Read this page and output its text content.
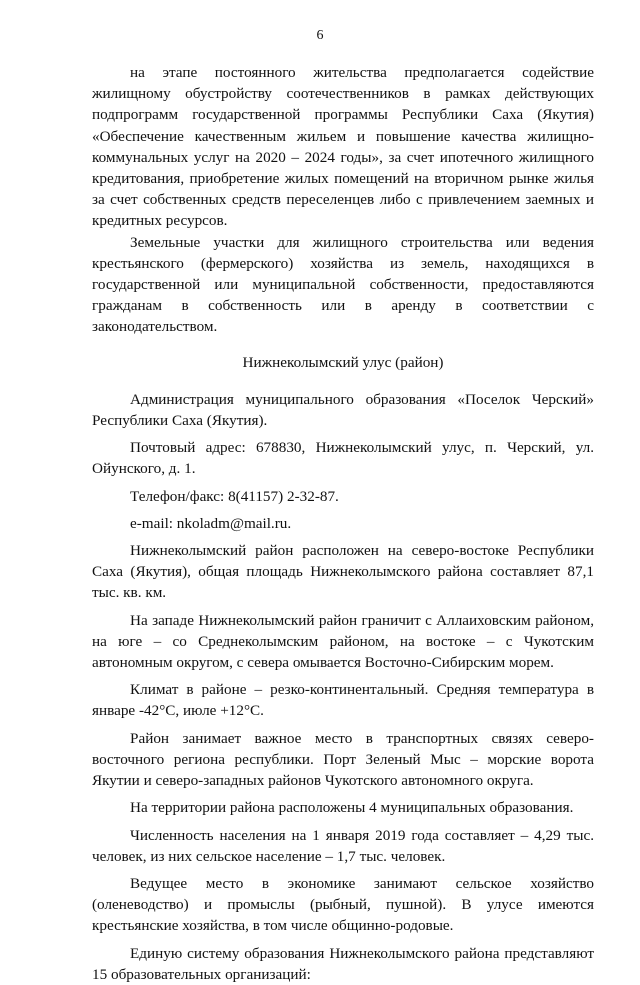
6

на этапе постоянного жительства предполагается содействие жилищному обустройству соотечественников в рамках действующих подпрограмм государственной программы Республики Саха (Якутия) «Обеспечение качественным жильем и повышение качества жилищно-коммунальных услуг на 2020 – 2024 годы», за счет ипотечного жилищного кредитования, приобретение жилых помещений на вторичном рынке жилья за счет собственных средств переселенцев либо с привлечением заемных и кредитных ресурсов.

Земельные участки для жилищного строительства или ведения крестьянского (фермерского) хозяйства из земель, находящихся в государственной или муниципальной собственности, предоставляются гражданам в собственность или в аренду в соответствии с законодательством.

Нижнеколымский улус (район)

Администрация муниципального образования «Поселок Черский» Республики Саха (Якутия).

Почтовый адрес: 678830, Нижнеколымский улус, п. Черский, ул. Ойунского, д. 1.

Телефон/факс: 8(41157) 2-32-87.

e-mail: nkoladm@mail.ru.

Нижнеколымский район расположен на северо-востоке Республики Саха (Якутия), общая площадь Нижнеколымского района составляет 87,1 тыс. кв. км.

На западе Нижнеколымский район граничит с Аллаиховским районом, на юге – со Среднеколымским районом, на востоке – с Чукотским автономным округом, с севера омывается Восточно-Сибирским морем.

Климат в районе – резко-континентальный. Средняя температура в январе -42°С, июле +12°С.

Район занимает важное место в транспортных связях северо-восточного региона республики. Порт Зеленый Мыс – морские ворота Якутии и северо-западных районов Чукотского автономного округа.

На территории района расположены 4 муниципальных образования.

Численность населения на 1 января 2019 года составляет – 4,29 тыс. человек, из них сельское население – 1,7 тыс. человек.

Ведущее место в экономике занимают сельское хозяйство (оленеводство) и промыслы (рыбный, пушной). В улусе имеются крестьянские хозяйства, в том числе общинно-родовые.

Единую систему образования Нижнеколымского района представляют 15 образовательных организаций:
